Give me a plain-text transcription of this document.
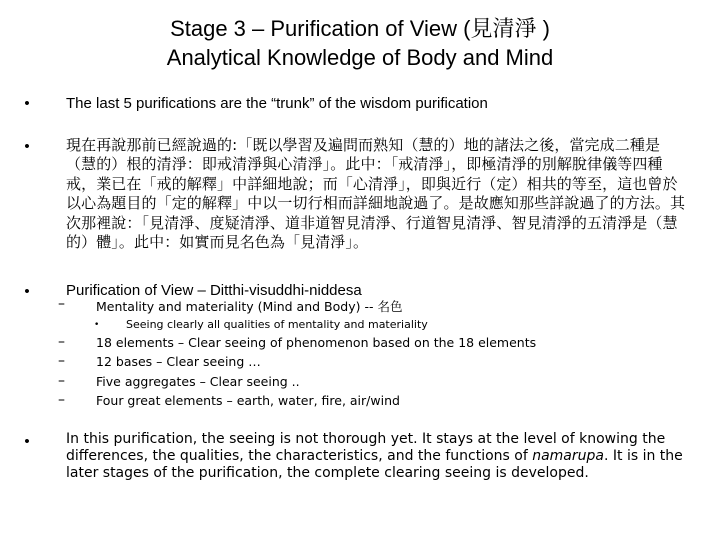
Stage 3 – Purification of View (見清淨 )
Analytical Knowledge of Body and Mind
• The last 5 purifications are the “trunk” of the wisdom purification
• 現在再說那前已經說過的:「既以學習及遍問而熟知（慧的）地的諸法之後，當完成二種是（慧的）根的清淨：即戒清淨與心清淨」。此中：「戒清淨」，即極清淨的別解脫律儀等四種戒，業已在「戒的解釋」中詳細地說；而「心清淨」，即與近行（定）相共的等至，這也曾於以心為題目的「定的解釋」中以一切行相而詳細地說過了。是故應知那些詳說過了的方法。其次那裡說：「見清淨、度疑清淨、道非道智見清淨、行道智見清淨、智見清淨的五清淨是（慧的）體」。此中：如實而見名色為「見清淨」。
• Purification of View – Ditthi-visuddhi-niddesa
– Mentality and materiality (Mind and Body) -- 名色
• Seeing clearly all qualities of mentality and materiality
– 18 elements – Clear seeing of phenomenon based on the 18 elements
– 12 bases – Clear seeing …
– Five aggregates – Clear seeing ..
– Four great elements – earth, water, fire, air/wind
•	In this purification, the seeing is not thorough yet. It stays at the level of knowing the differences, the qualities, the characteristics, and the functions of namarupa. It is in the later stages of the purification, the complete clearing seeing is developed.
